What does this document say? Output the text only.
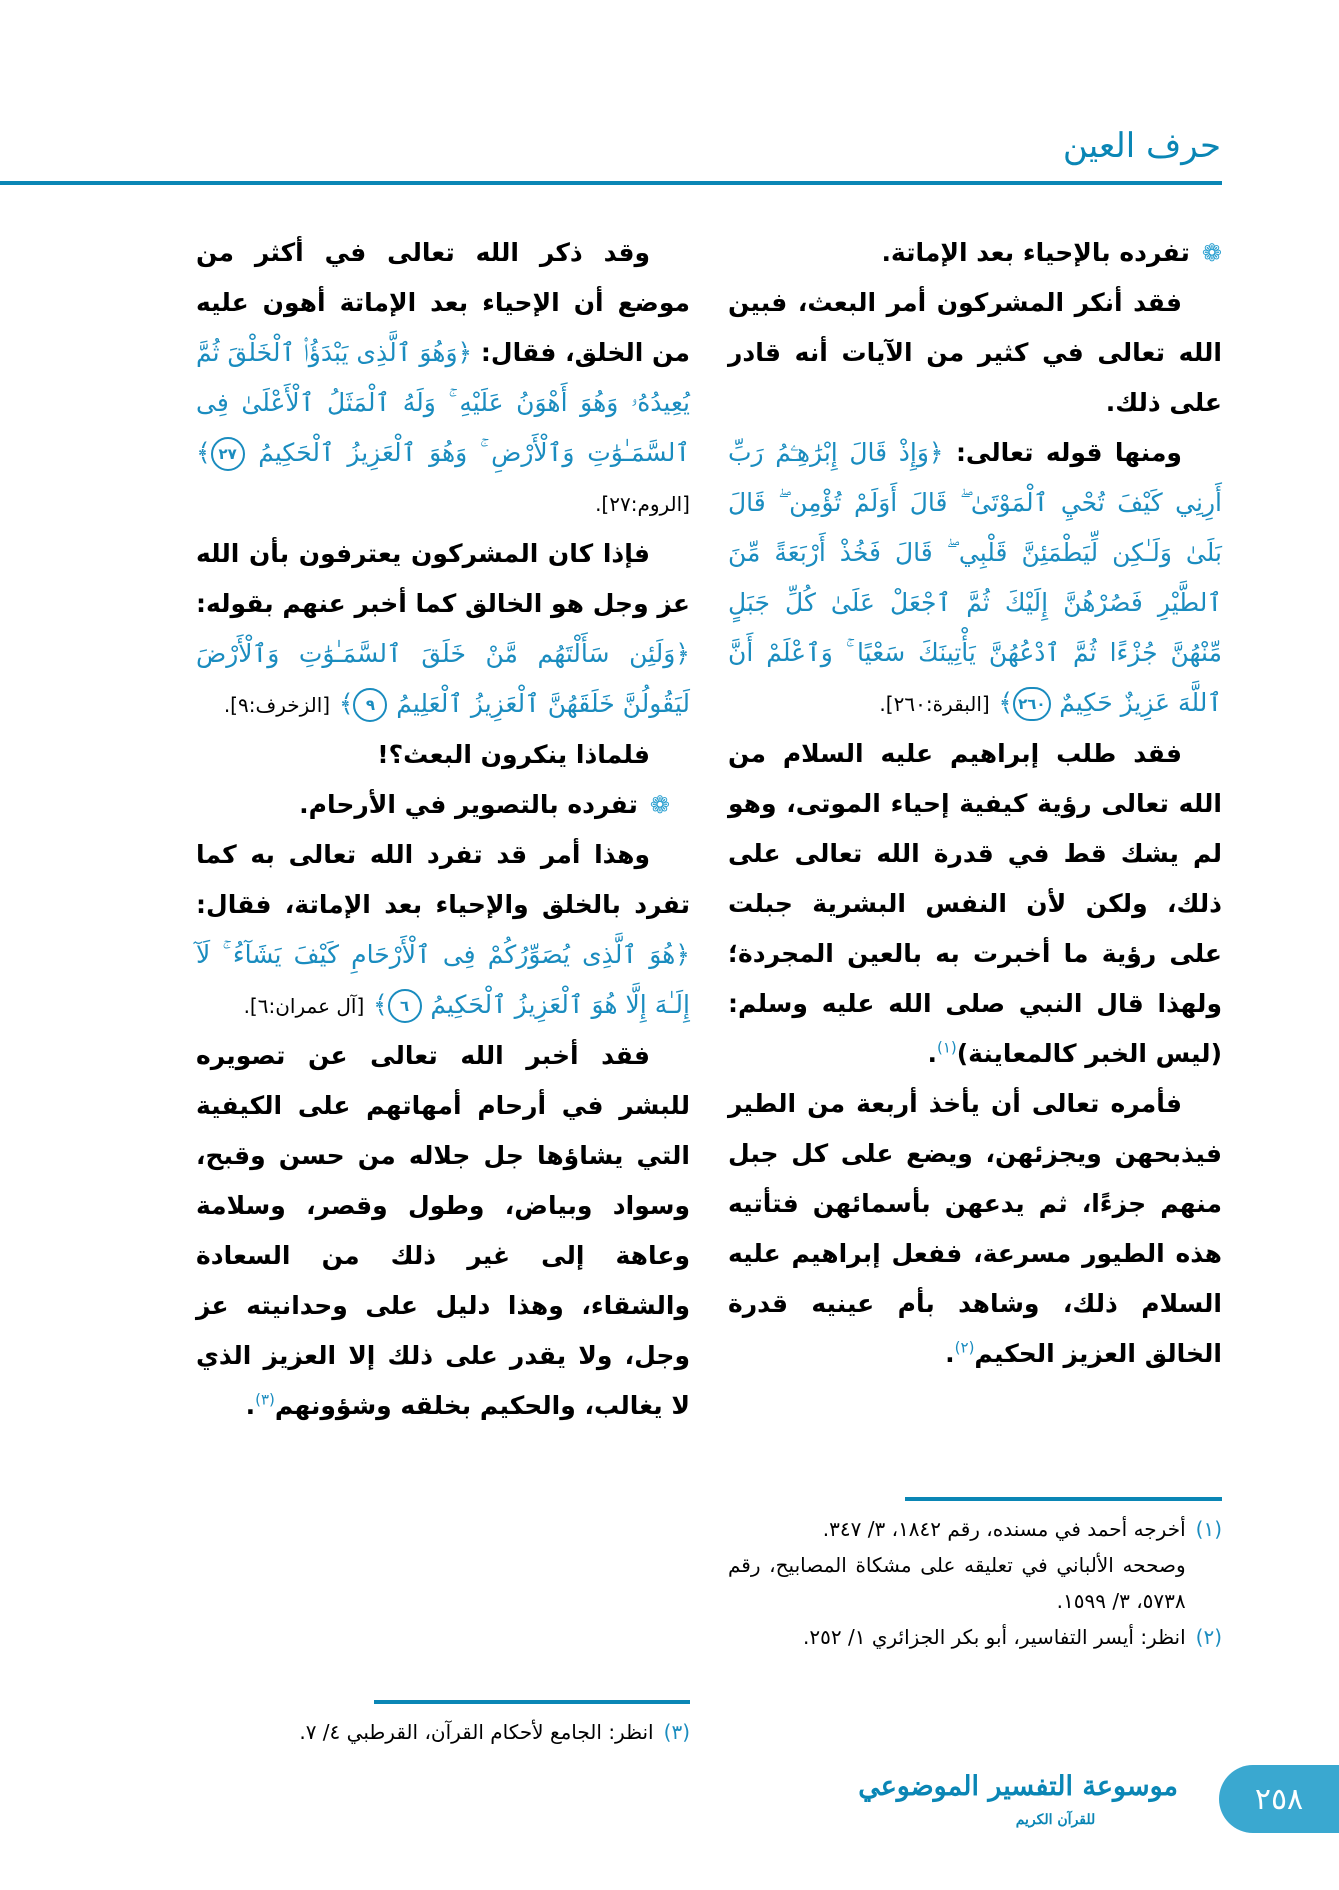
حرف العين

❁
تفرده بالإحياء بعد الإماتة.

فقد أنكر المشركون أمر البعث، فبين الله تعالى في كثير من الآيات أنه قادر على ذلك.

ومنها قوله تعالى: ﴿وَإِذْ قَالَ إِبْرَٰهِـۧمُ رَبِّ أَرِنِي كَيْفَ تُحْيِ ٱلْمَوْتَىٰ ۖ قَالَ أَوَلَمْ تُؤْمِن ۖ قَالَ بَلَىٰ وَلَـٰكِن لِّيَطْمَئِنَّ قَلْبِي ۖ قَالَ فَخُذْ أَرْبَعَةً مِّنَ ٱلطَّيْرِ فَصُرْهُنَّ إِلَيْكَ ثُمَّ ٱجْعَلْ عَلَىٰ كُلِّ جَبَلٍ مِّنْهُنَّ جُزْءًا ثُمَّ ٱدْعُهُنَّ يَأْتِينَكَ سَعْيًا ۚ وَٱعْلَمْ أَنَّ ٱللَّهَ عَزِيزٌ حَكِيمٌ ٢٦٠﴾ [البقرة:٢٦٠].

فقد طلب إبراهيم عليه السلام من الله تعالى رؤية كيفية إحياء الموتى، وهو لم يشك قط في قدرة الله تعالى على ذلك، ولكن لأن النفس البشرية جبلت على رؤية ما أخبرت به بالعين المجردة؛ ولهذا قال النبي صلى الله عليه وسلم: (ليس الخبر كالمعاينة)$^{(١)}$.

فأمره تعالى أن يأخذ أربعة من الطير فيذبحهن ويجزئهن، ويضع على كل جبل منهم جزءًا، ثم يدعهن بأسمائهن فتأتيه هذه الطيور مسرعة، ففعل إبراهيم عليه السلام ذلك، وشاهد بأم عينيه قدرة الخالق العزيز الحكيم$^{(٢)}$.

وقد ذكر الله تعالى في أكثر من موضع أن الإحياء بعد الإماتة أهون عليه من الخلق، فقال: ﴿وَهُوَ ٱلَّذِى يَبْدَؤُا۟ ٱلْخَلْقَ ثُمَّ يُعِيدُهُۥ وَهُوَ أَهْوَنُ عَلَيْهِ ۚ وَلَهُ ٱلْمَثَلُ ٱلْأَعْلَىٰ فِى ٱلسَّمَـٰوَٰتِ وَٱلْأَرْضِ ۚ وَهُوَ ٱلْعَزِيزُ ٱلْحَكِيمُ ٢٧﴾ [الروم:٢٧].

فإذا كان المشركون يعترفون بأن الله عز وجل هو الخالق كما أخبر عنهم بقوله: ﴿وَلَئِن سَأَلْتَهُم مَّنْ خَلَقَ ٱلسَّمَـٰوَٰتِ وَٱلْأَرْضَ لَيَقُولُنَّ خَلَقَهُنَّ ٱلْعَزِيزُ ٱلْعَلِيمُ ٩﴾ [الزخرف:٩].

فلماذا ينكرون البعث؟!

❁
تفرده بالتصوير في الأرحام.

وهذا أمر قد تفرد الله تعالى به كما تفرد بالخلق والإحياء بعد الإماتة، فقال: ﴿هُوَ ٱلَّذِى يُصَوِّرُكُمْ فِى ٱلْأَرْحَامِ كَيْفَ يَشَآءُ ۚ لَآ إِلَـٰهَ إِلَّا هُوَ ٱلْعَزِيزُ ٱلْحَكِيمُ ٦﴾ [آل عمران:٦].

فقد أخبر الله تعالى عن تصويره للبشر في أرحام أمهاتهم على الكيفية التي يشاؤها جل جلاله من حسن وقبح، وسواد وبياض، وطول وقصر، وسلامة وعاهة إلى غير ذلك من السعادة والشقاء، وهذا دليل على وحدانيته عز وجل، ولا يقدر على ذلك إلا العزيز الذي لا يغالب، والحكيم بخلقه وشؤونهم$^{(٣)}$.

(١)
أخرجه أحمد في مسنده، رقم ١٨٤٢، ٣/ ٣٤٧.
وصححه الألباني في تعليقه على مشكاة المصابيح، رقم ٥٧٣٨، ٣/ ١٥٩٩.
(٢)
انظر: أيسر التفاسير، أبو بكر الجزائري ١/ ٢٥٢.
(٣)
انظر: الجامع لأحكام القرآن، القرطبي ٤/ ٧.
موسوعة التفسير الموضوعي
للقرآن الكريم
٢٥٨
